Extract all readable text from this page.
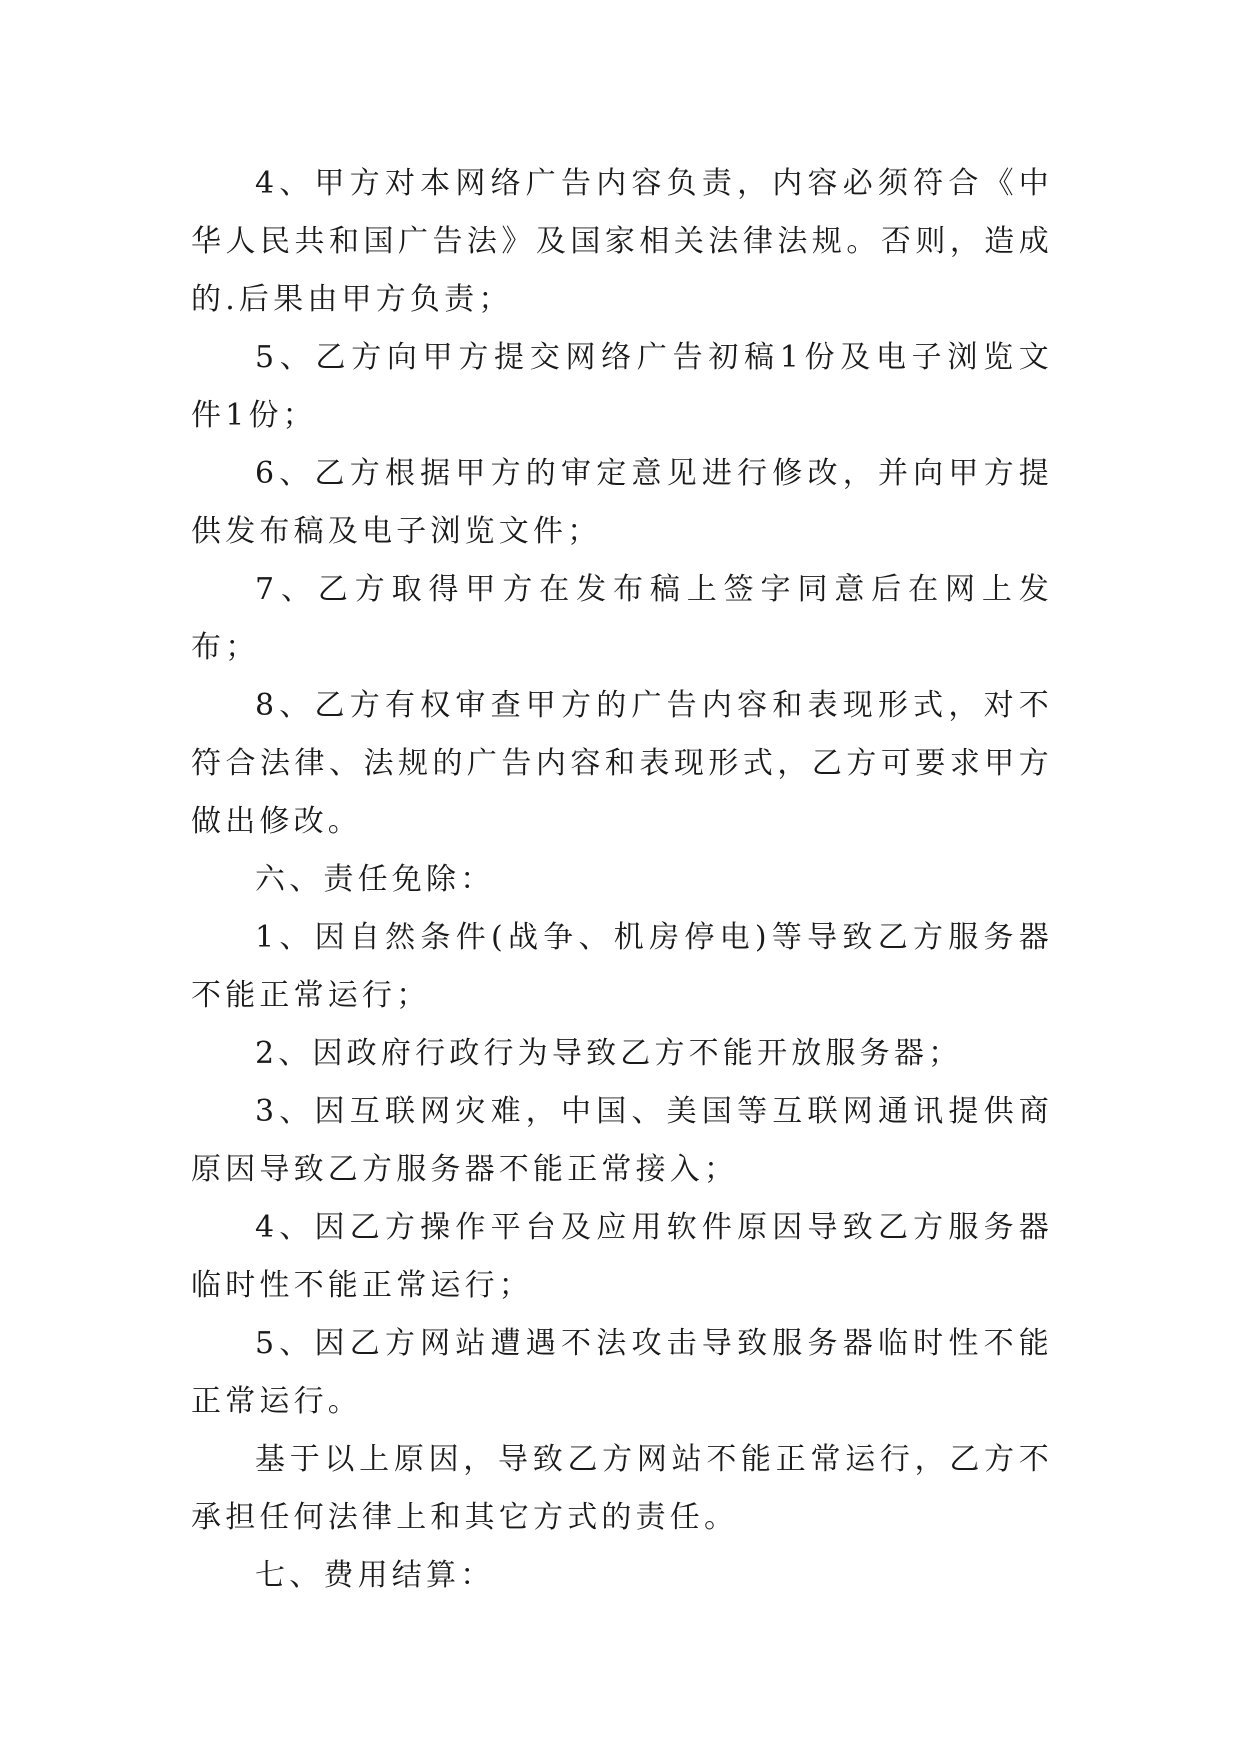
4、甲方对本网络广告内容负责，内容必须符合《中华人民共和国广告法》及国家相关法律法规。否则，造成的.后果由甲方负责；

5、乙方向甲方提交网络广告初稿1份及电子浏览文件1份；

6、乙方根据甲方的审定意见进行修改，并向甲方提供发布稿及电子浏览文件；

7、乙方取得甲方在发布稿上签字同意后在网上发布；

8、乙方有权审查甲方的广告内容和表现形式，对不符合法律、法规的广告内容和表现形式，乙方可要求甲方做出修改。

六、责任免除：

1、因自然条件(战争、机房停电)等导致乙方服务器不能正常运行；

2、因政府行政行为导致乙方不能开放服务器；

3、因互联网灾难，中国、美国等互联网通讯提供商原因导致乙方服务器不能正常接入；

4、因乙方操作平台及应用软件原因导致乙方服务器临时性不能正常运行；

5、因乙方网站遭遇不法攻击导致服务器临时性不能正常运行。

基于以上原因，导致乙方网站不能正常运行，乙方不承担任何法律上和其它方式的责任。

七、费用结算：
